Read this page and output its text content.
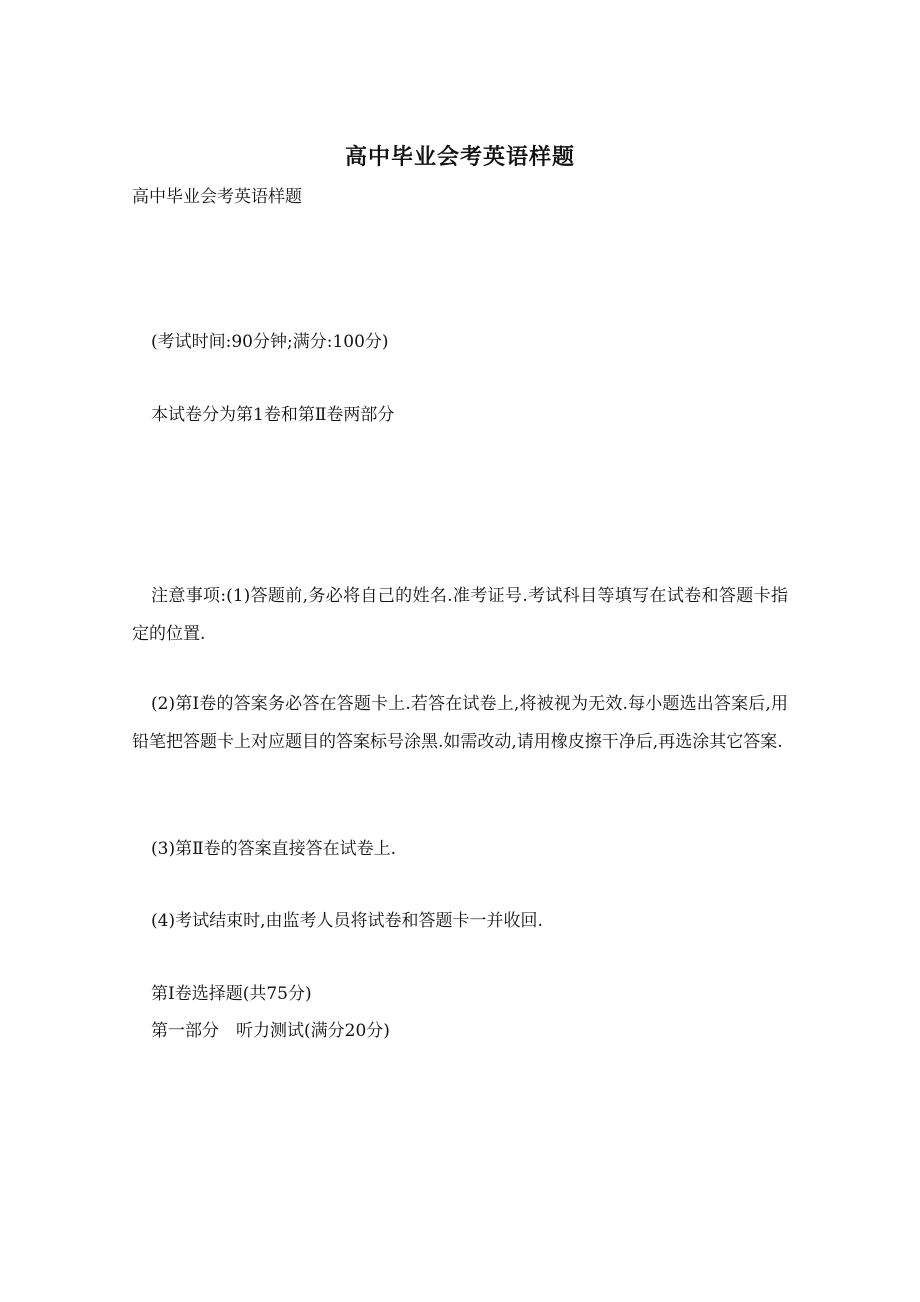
高中毕业会考英语样题
高中毕业会考英语样题
(考试时间:90分钟;满分:100分)
本试卷分为第1卷和第Ⅱ卷两部分
注意事项:(1)答题前,务必将自己的姓名.准考证号.考试科目等填写在试卷和答题卡指定的位置.
(2)第Ⅰ卷的答案务必答在答题卡上.若答在试卷上,将被视为无效.每小题选出答案后,用铅笔把答题卡上对应题目的答案标号涂黑.如需改动,请用橡皮擦干净后,再选涂其它答案.
(3)第Ⅱ卷的答案直接答在试卷上.
(4)考试结束时,由监考人员将试卷和答题卡一并收回.
第Ⅰ卷选择题(共75分)
第一部分　听力测试(满分20分)
